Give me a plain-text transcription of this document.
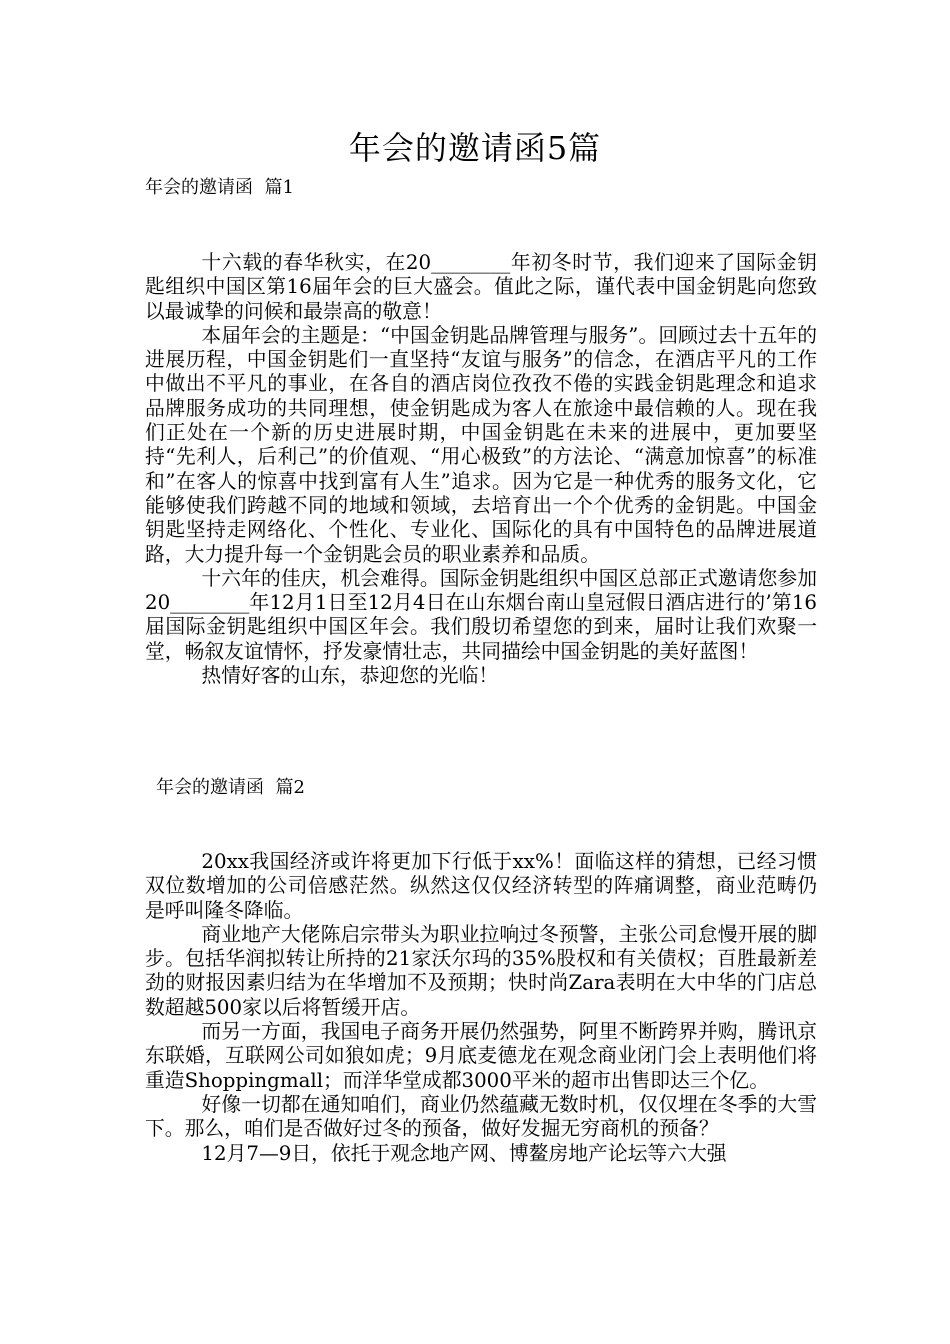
年会的邀请函5篇
年会的邀请函  篇1

十六载的春华秋实，在20________年初冬时节，我们迎来了国际金钥匙组织中国区第16届年会的巨大盛会。值此之际，谨代表中国金钥匙向您致以最诚挚的问候和最崇高的敬意！

本届年会的主题是：“中国金钥匙品牌管理与服务”。回顾过去十五年的进展历程，中国金钥匙们一直坚持“友谊与服务”的信念，在酒店平凡的工作中做出不平凡的事业，在各自的酒店岗位孜孜不倦的实践金钥匙理念和追求品牌服务成功的共同理想，使金钥匙成为客人在旅途中最信赖的人。现在我们正处在一个新的历史进展时期，中国金钥匙在未来的进展中，更加要坚持“先利人，后利己”的价值观、“用心极致”的方法论、“满意加惊喜”的标准和”在客人的惊喜中找到富有人生”追求。因为它是一种优秀的服务文化，它能够使我们跨越不同的地域和领域，去培育出一个个优秀的金钥匙。中国金钥匙坚持走网络化、个性化、专业化、国际化的具有中国特色的品牌进展道路，大力提升每一个金钥匙会员的职业素养和品质。

十六年的佳庆，机会难得。国际金钥匙组织中国区总部正式邀请您参加20________年12月1日至12月4日在山东烟台南山皇冠假日酒店进行的’第16届国际金钥匙组织中国区年会。我们殷切希望您的到来，届时让我们欢聚一堂，畅叙友谊情怀，抒发豪情壮志，共同描绘中国金钥匙的美好蓝图！

热情好客的山东，恭迎您的光临！

年会的邀请函  篇2

20xx我国经济或许将更加下行低于xx%！面临这样的猜想，已经习惯双位数增加的公司倍感茫然。纵然这仅仅经济转型的阵痛调整，商业范畴仍是呼叫隆冬降临。

商业地产大佬陈启宗带头为职业拉响过冬预警，主张公司怠慢开展的脚步。包括华润拟转让所持的21家沃尔玛的35%股权和有关债权；百胜最新差劲的财报因素归结为在华增加不及预期；快时尚Zara表明在大中华的门店总数超越500家以后将暂缓开店。

而另一方面，我国电子商务开展仍然强势，阿里不断跨界并购，腾讯京东联婚，互联网公司如狼如虎；9月底麦德龙在观念商业闭门会上表明他们将重造Shoppingmall；而洋华堂成都3000平米的超市出售即达三个亿。

好像一切都在通知咱们，商业仍然蕴藏无数时机，仅仅埋在冬季的大雪下。那么，咱们是否做好过冬的预备，做好发掘无穷商机的预备？

12月7—9日，依托于观念地产网、博鳌房地产论坛等六大强
